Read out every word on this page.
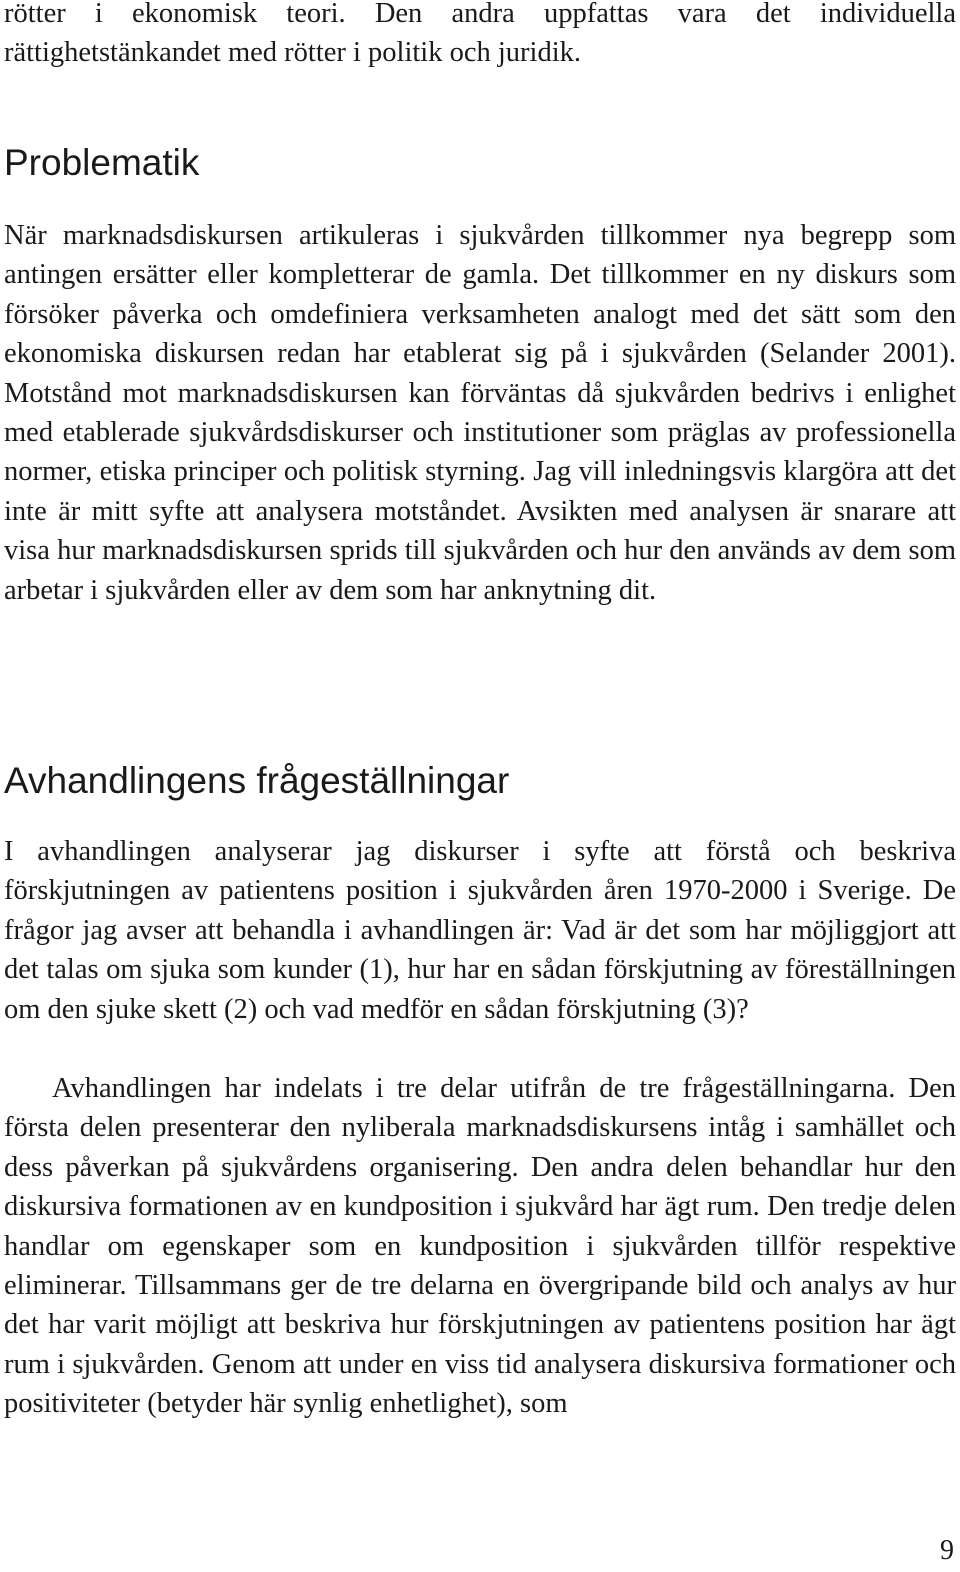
rötter i ekonomisk teori. Den andra uppfattas vara det individuella rättighetstänkandet med rötter i politik och juridik.

Problematik

När marknadsdiskursen artikuleras i sjukvården tillkommer nya begrepp som antingen ersätter eller kompletterar de gamla. Det tillkommer en ny diskurs som försöker påverka och omdefiniera verksamheten analogt med det sätt som den ekonomiska diskursen redan har etablerat sig på i sjukvården (Selander 2001). Motstånd mot marknadsdiskursen kan förväntas då sjukvården bedrivs i enlighet med etablerade sjukvårdsdiskurser och institutioner som präglas av professionella normer, etiska principer och politisk styrning. Jag vill inledningsvis klargöra att det inte är mitt syfte att analysera motståndet. Avsikten med analysen är snarare att visa hur marknadsdiskursen sprids till sjukvården och hur den används av dem som arbetar i sjukvården eller av dem som har anknytning dit.

Avhandlingens frågeställningar

I avhandlingen analyserar jag diskurser i syfte att förstå och beskriva förskjutningen av patientens position i sjukvården åren 1970-2000 i Sverige. De frågor jag avser att behandla i avhandlingen är: Vad är det som har möjliggjort att det talas om sjuka som kunder (1), hur har en sådan förskjutning av föreställningen om den sjuke skett (2) och vad medför en sådan förskjutning (3)?

Avhandlingen har indelats i tre delar utifrån de tre frågeställningarna. Den första delen presenterar den nyliberala marknadsdiskursens intåg i samhället och dess påverkan på sjukvårdens organisering. Den andra delen behandlar hur den diskursiva formationen av en kundposition i sjukvård har ägt rum. Den tredje delen handlar om egenskaper som en kundposition i sjukvården tillför respektive eliminerar. Tillsammans ger de tre delarna en övergripande bild och analys av hur det har varit möjligt att beskriva hur förskjutningen av patientens position har ägt rum i sjukvården. Genom att under en viss tid analysera diskursiva formationer och positiviteter (betyder här synlig enhetlighet), som

9
